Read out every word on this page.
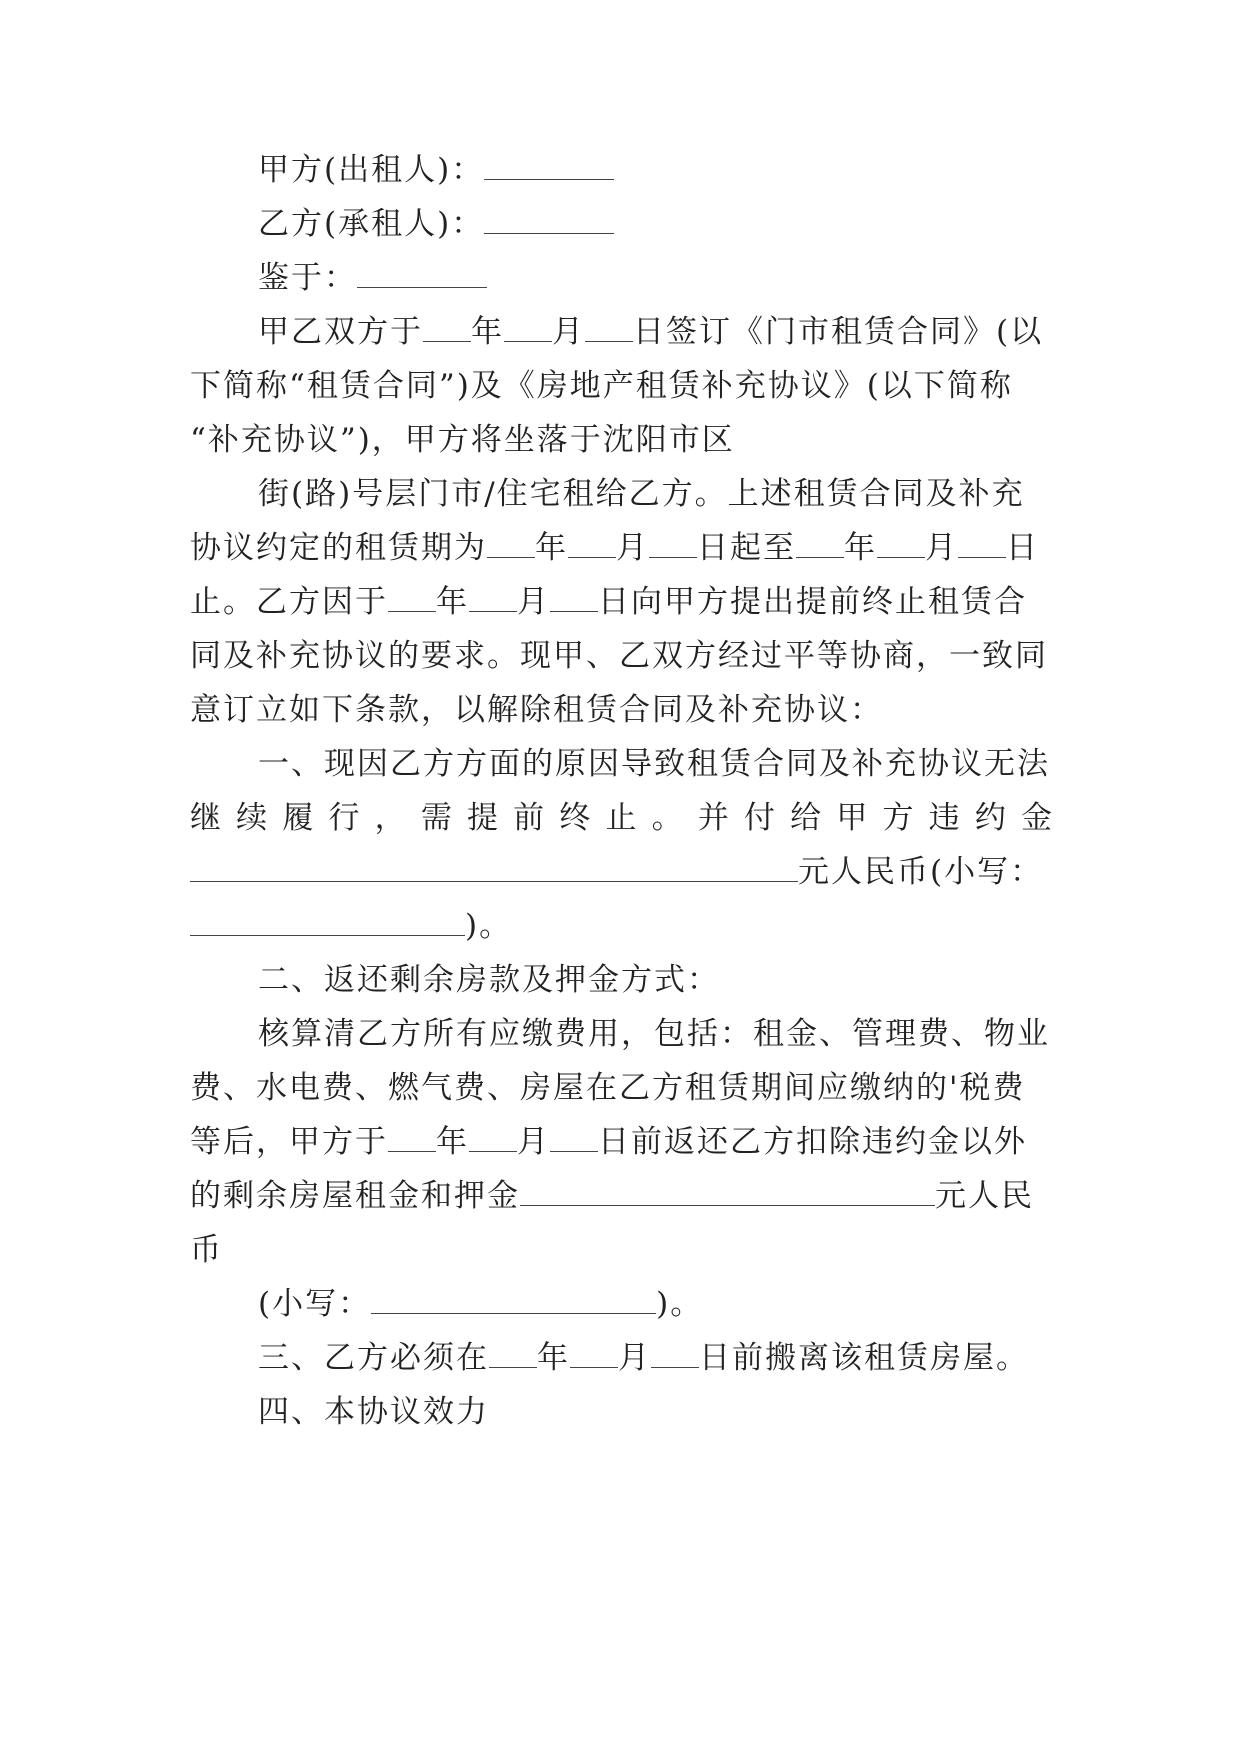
甲方(出租人)：
乙方(承租人)：
鉴于：
甲乙双方于 年 月 日签订《门市租赁合同》(以
下简称“租赁合同”)及《房地产租赁补充协议》(以下简称
“补充协议”)，甲方将坐落于沈阳市区
街(路)号层门市/住宅租给乙方。上述租赁合同及补充
协议约定的租赁期为 年 月 日起至 年 月 日
止。乙方因于 年 月 日向甲方提出提前终止租赁合
同及补充协议的要求。现甲、乙双方经过平等协商，一致同
意订立如下条款，以解除租赁合同及补充协议：
一、现因乙方方面的原因导致租赁合同及补充协议无法
继续履行，需提前终止。并付给甲方违约金
元人民币(小写：
)。
二、返还剩余房款及押金方式：
核算清乙方所有应缴费用，包括：租金、管理费、物业
费、水电费、燃气费、房屋在乙方租赁期间应缴纳的'税费
等后，甲方于 年 月 日前返还乙方扣除违约金以外
的剩余房屋租金和押金	元人民
币
(小写：	)。
三、乙方必须在 年 月 日前搬离该租赁房屋。
四、本协议效力
